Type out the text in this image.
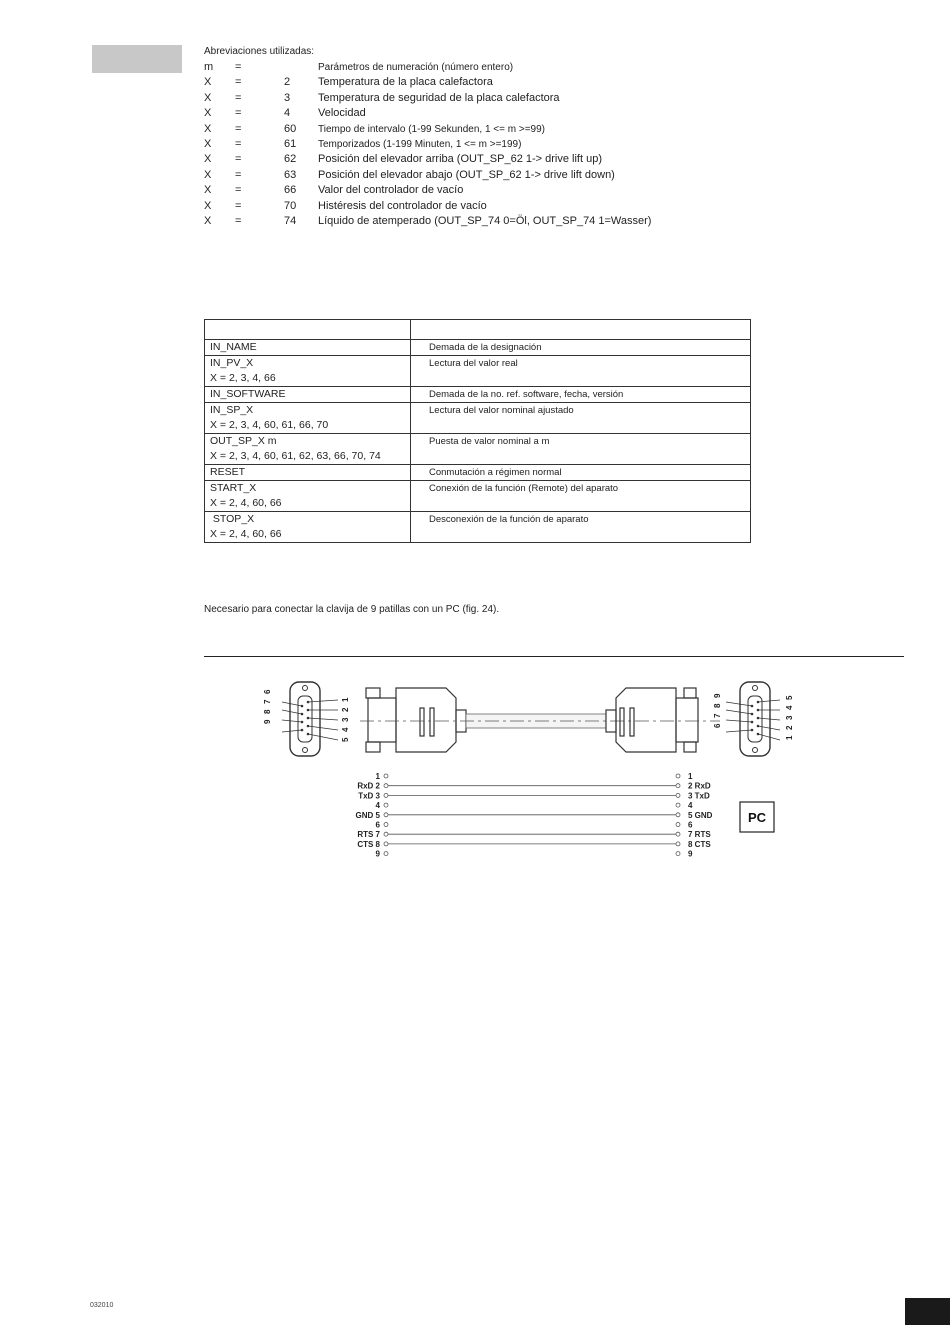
Abreviaciones utilizadas:
m =	Parámetros de numeración (número entero)
X =	2	Temperatura de la placa calefactora
X =	3	Temperatura de seguridad de la placa calefactora
X =	4	Velocidad
X =	60 Tiempo de intervalo (1-99 Sekunden, 1 <= m >=99)
X =	61 Temporizados (1-199 Minuten, 1 <= m >=199)
X =	62 Posición del elevador arriba (OUT_SP_62 1-> drive lift up)
X =	63 Posición del elevador abajo (OUT_SP_62 1-> drive lift down)
X =	66 Valor del controlador de vacío
X =	70 Histéresis del controlador de vacío
X =	74 Líquido de atemperado (OUT_SP_74 0=Öl, OUT_SP_74 1=Wasser)

IN_NAME	Demada de la designación

IN_PV_X
X = 2, 3, 4, 66	Lectura del valor real

IN_SOFTWARE	Demada de la no. ref. software, fecha, versión

IN_SP_X
X = 2, 3, 4, 60, 61, 66, 70	Lectura del valor nominal ajustado

OUT_SP_X m
X = 2, 3, 4, 60, 61, 62, 63, 66, 70, 74	Puesta de valor nominal a m

RESET	Conmutación a régimen normal

START_X
X = 2, 4, 60, 66	Conexión de la función (Remote) del aparato

STOP_X
X = 2, 4, 60, 66	Desconexión de la función de aparato
Necesario para conectar la clavija de 9 patillas con un PC (fig. 24).
6
7
8
9
1
2
3
4
5
9
8
7
6
5
4
3
2
1
1
RxD 2
TxD 3
4
GND 5
6
RTS 7
CTS 8
9
1
2 RxD
3 TxD
4
5 GND
6
7 RTS
8 CTS
9
PC
032010
